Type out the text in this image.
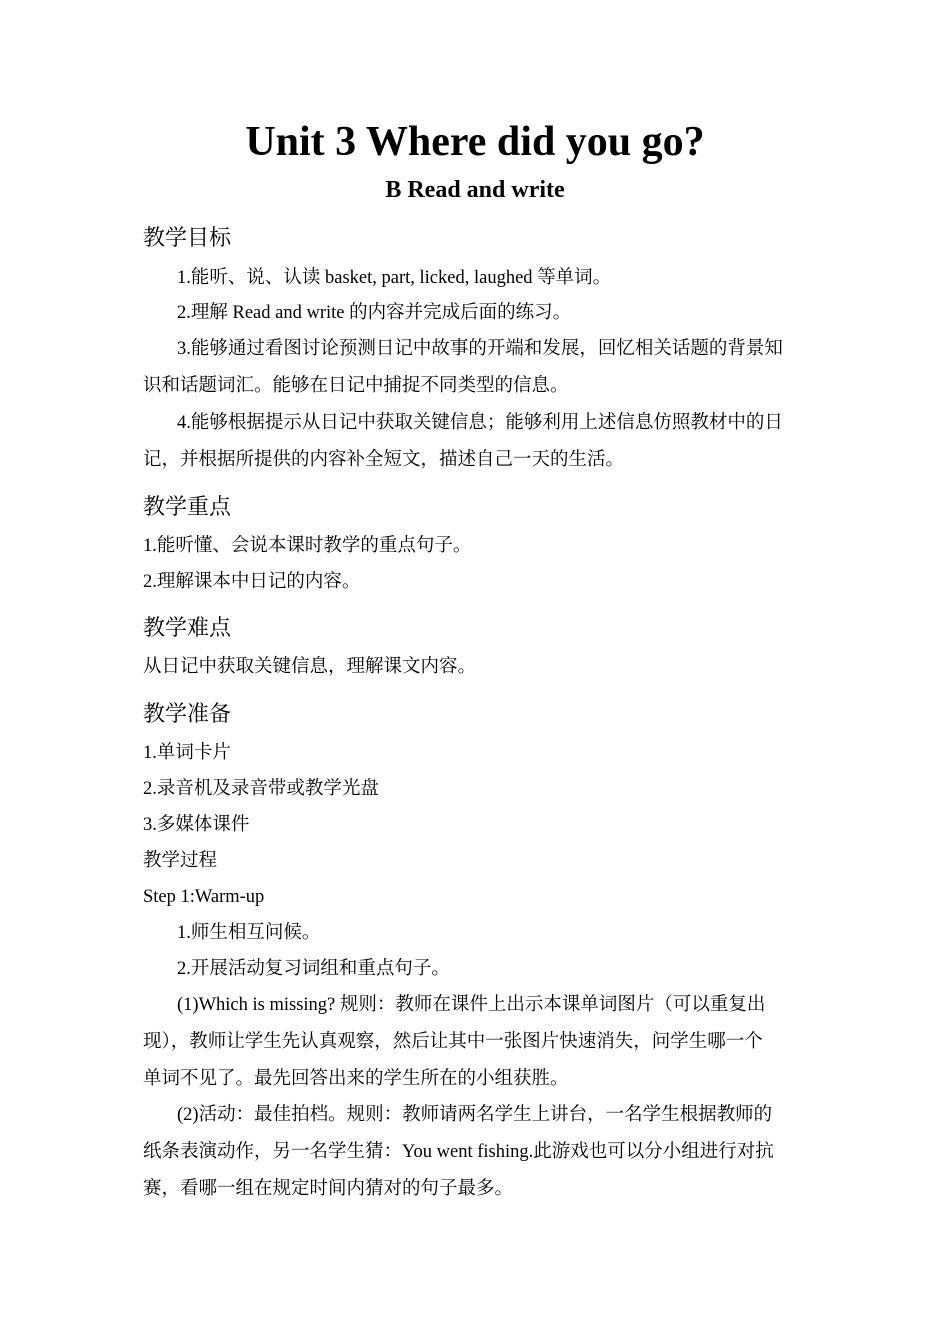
Unit 3 Where did you go?
B Read and write
教学目标

1.能听、说、认读 basket, part, licked, laughed 等单词。

2.理解 Read and write 的内容并完成后面的练习。

3.能够通过看图讨论预测日记中故事的开端和发展，回忆相关话题的背景知

识和话题词汇。能够在日记中捕捉不同类型的信息。

4.能够根据提示从日记中获取关键信息；能够利用上述信息仿照教材中的日

记，并根据所提供的内容补全短文，描述自己一天的生活。

教学重点

1.能听懂、会说本课时教学的重点句子。

2.理解课本中日记的内容。

教学难点

从日记中获取关键信息，理解课文内容。

教学准备

1.单词卡片

2.录音机及录音带或教学光盘

3.多媒体课件

教学过程

Step 1:Warm-up

1.师生相互问候。

2.开展活动复习词组和重点句子。

(1)Which is missing? 规则：教师在课件上出示本课单词图片（可以重复出

现），教师让学生先认真观察，然后让其中一张图片快速消失，问学生哪一个

单词不见了。最先回答出来的学生所在的小组获胜。

(2)活动：最佳拍档。规则：教师请两名学生上讲台，一名学生根据教师的

纸条表演动作，另一名学生猜：You went fishing.此游戏也可以分小组进行对抗

赛，看哪一组在规定时间内猜对的句子最多。
